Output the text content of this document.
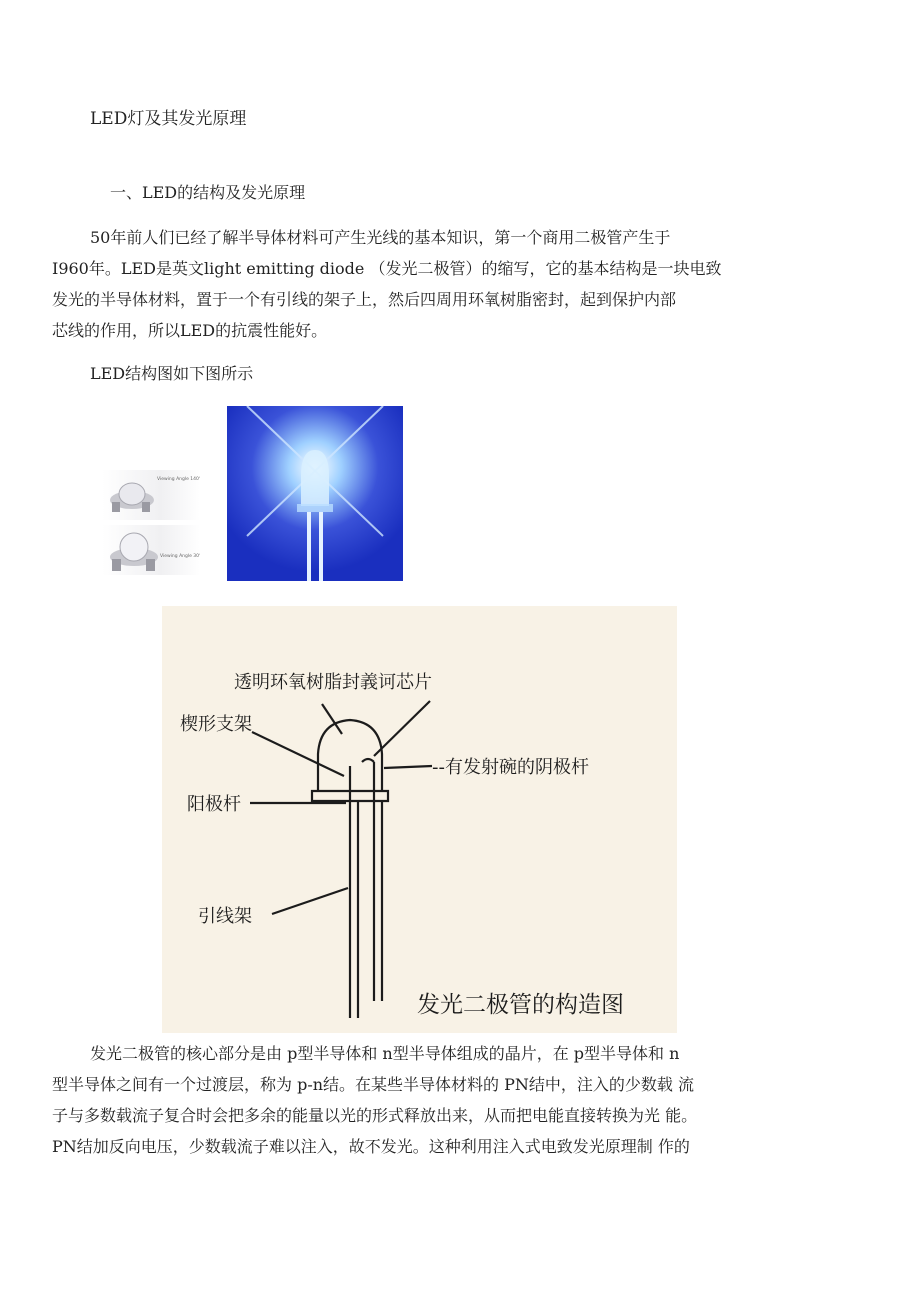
LED灯及其发光原理
一、LED的结构及发光原理
50年前人们已经了解半导体材料可产生光线的基本知识，第一个商用二极管产生于
I960年。LED是英文light emitting diode （发光二极管）的缩写，它的基本结构是一块电致
发光的半导体材料，置于一个有引线的架子上，然后四周用环氧树脂密封，起到保护内部
芯线的作用，所以LED的抗震性能好。
LED结构图如下图所示
Viewing Angle 140°
Viewing Angle 30°
透明环氧树脂封義诃芯片
楔形支架
--有发射碗的阴极杆
阳极杆
引线架
发光二极管的构造图
发光二极管的核心部分是由 p型半导体和 n型半导体组成的晶片，在 p型半导体和 n
型半导体之间有一个过渡层，称为 p-n结。在某些半导体材料的 PN结中，注入的少数载 流
子与多数载流子复合时会把多余的能量以光的形式释放出来，从而把电能直接转换为光 能。
PN结加反向电压，少数载流子难以注入，故不发光。这种利用注入式电致发光原理制 作的
